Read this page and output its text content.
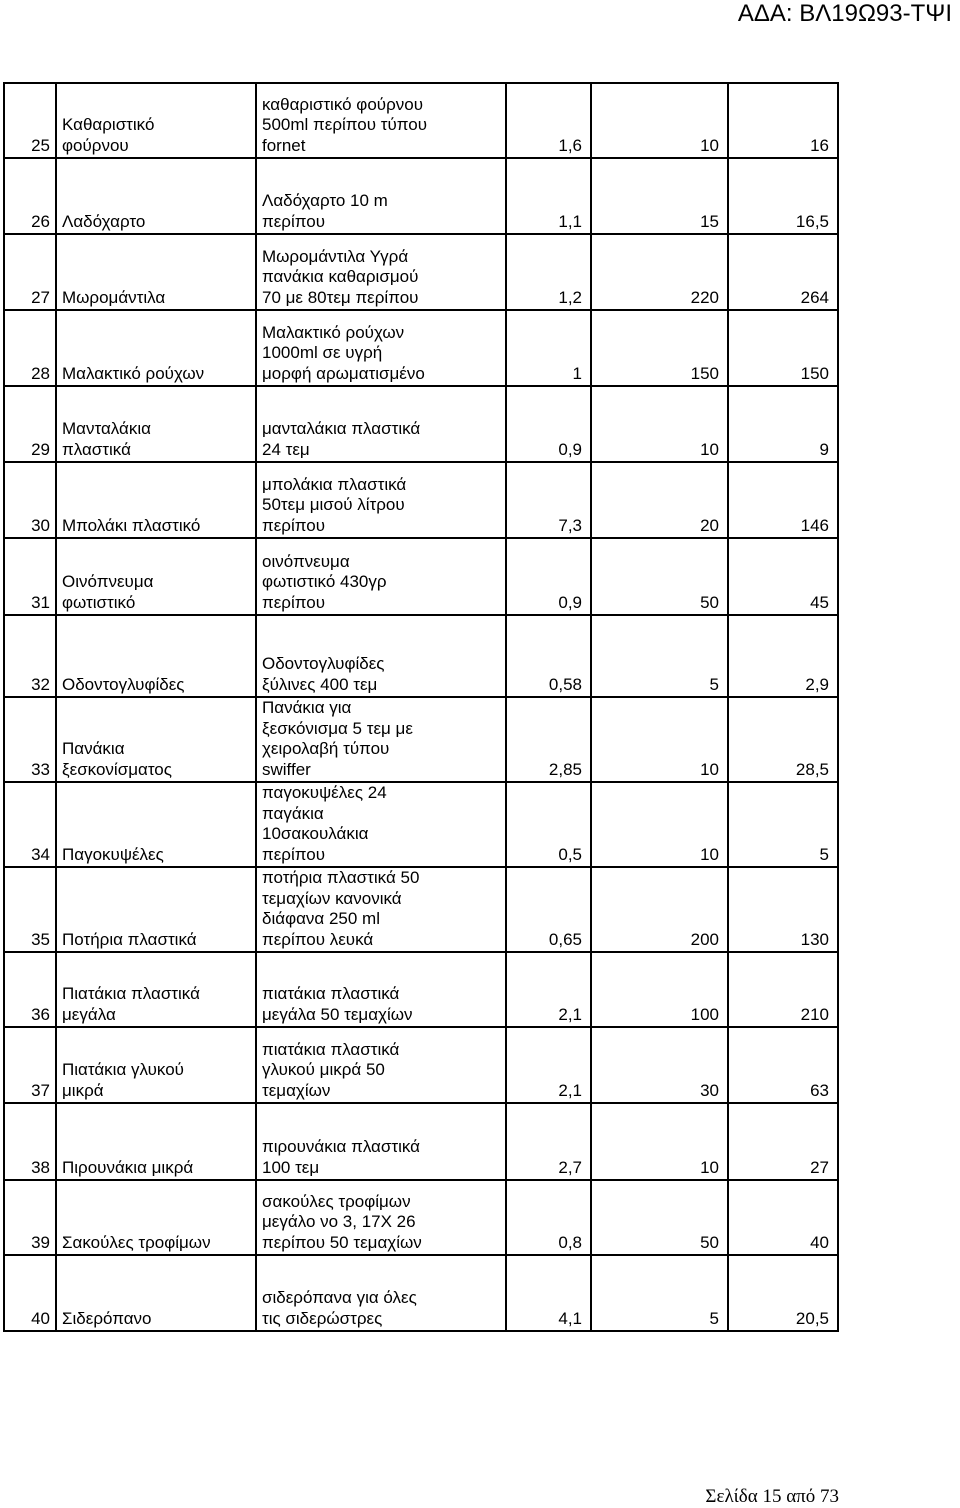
ΑΔΑ: ΒΛ19Ω93-ΤΨΙ
25	Καθαριστικό
φούρνου	καθαριστικό φούρνου
500ml περίπου τύπου
fornet	1,6	10	16
26	Λαδόχαρτο	Λαδόχαρτο 10 m
περίπου	1,1	15	16,5
27	Μωρομάντιλα	Μωρομάντιλα Υγρά
πανάκια καθαρισμού
70 με 80τεμ περίπου	1,2	220	264
28	Μαλακτικό ρούχων	Μαλακτικό ρούχων
1000ml σε υγρή
μορφή αρωματισμένο	1	150	150
29	Μανταλάκια
πλαστικά	μανταλάκια πλαστικά
24 τεμ	0,9	10	9
30	Μπολάκι πλαστικό	μπολάκια πλαστικά
50τεμ μισού λίτρου
περίπου	7,3	20	146
31	Οινόπνευμα
φωτιστικό	οινόπνευμα
φωτιστικό 430γρ
περίπου	0,9	50	45
32	Οδοντογλυφίδες	Οδοντογλυφίδες
ξύλινες 400 τεμ	0,58	5	2,9
33	Πανάκια
ξεσκονίσματος	Πανάκια για
ξεσκόνισμα 5 τεμ με
χειρολαβή τύπου
swiffer	2,85	10	28,5
34	Παγοκυψέλες	παγοκυψέλες 24
παγάκια
10σακουλάκια
περίπου	0,5	10	5
35	Ποτήρια πλαστικά	ποτήρια πλαστικά 50
τεμαχίων κανονικά
διάφανα 250 ml
περίπου λευκά	0,65	200	130
36	Πιατάκια πλαστικά
μεγάλα	πιατάκια πλαστικά
μεγάλα 50 τεμαχίων	2,1	100	210
37	Πιατάκια γλυκού
μικρά	πιατάκια πλαστικά
γλυκού μικρά 50
τεμαχίων	2,1	30	63
38	Πιρουνάκια μικρά	πιρουνάκια πλαστικά
100 τεμ	2,7	10	27
39	Σακούλες τροφίμων	σακούλες τροφίμων
μεγάλο νο 3, 17Χ 26
περίπου 50 τεμαχίων	0,8	50	40
40	Σιδερόπανο	σιδερόπανα για όλες
τις σιδερώστρες	4,1	5	20,5
Σελίδα 15 από 73
